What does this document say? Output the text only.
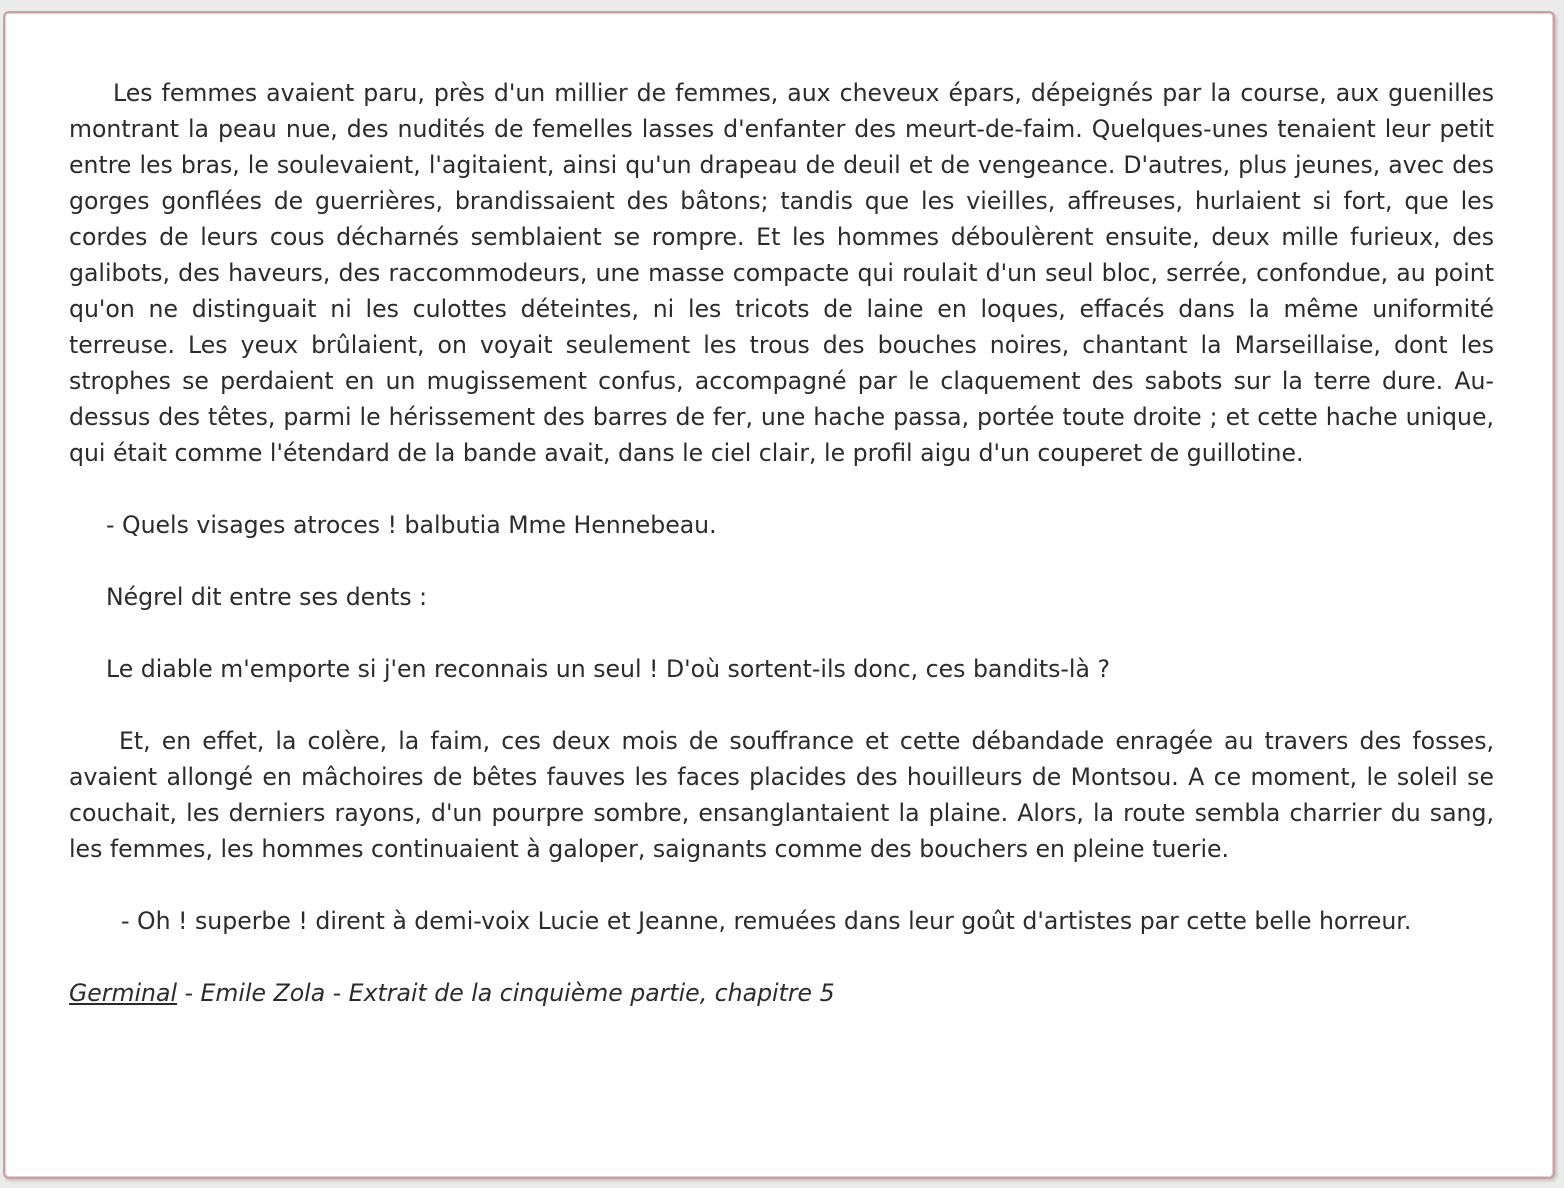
Les femmes avaient paru, près d'un millier de femmes, aux cheveux épars, dépeignés par la course, aux guenilles montrant la peau nue, des nudités de femelles lasses d'enfanter des meurt-de-faim. Quelques-unes tenaient leur petit entre les bras, le soulevaient, l'agitaient, ainsi qu'un drapeau de deuil et de vengeance. D'autres, plus jeunes, avec des gorges gonflées de guerrières, brandissaient des bâtons; tandis que les vieilles, affreuses, hurlaient si fort, que les cordes de leurs cous décharnés semblaient se rompre. Et les hommes déboulèrent ensuite, deux mille furieux, des galibots, des haveurs, des raccommodeurs, une masse compacte qui roulait d'un seul bloc, serrée, confondue, au point qu'on ne distinguait ni les culottes déteintes, ni les tricots de laine en loques, effacés dans la même uniformité terreuse. Les yeux brûlaient, on voyait seulement les trous des bouches noires, chantant la Marseillaise, dont les strophes se perdaient en un mugissement confus, accompagné par le claquement des sabots sur la terre dure. Au-dessus des têtes, parmi le hérissement des barres de fer, une hache passa, portée toute droite ; et cette hache unique, qui était comme l'étendard de la bande avait, dans le ciel clair, le profil aigu d'un couperet de guillotine.

- Quels visages atroces ! balbutia Mme Hennebeau.

Négrel dit entre ses dents :

Le diable m'emporte si j'en reconnais un seul ! D'où sortent-ils donc, ces bandits-là ?

Et, en effet, la colère, la faim, ces deux mois de souffrance et cette débandade enragée au travers des fosses, avaient allongé en mâchoires de bêtes fauves les faces placides des houilleurs de Montsou. A ce moment, le soleil se couchait, les derniers rayons, d'un pourpre sombre, ensanglantaient la plaine. Alors, la route sembla charrier du sang, les femmes, les hommes continuaient à galoper, saignants comme des bouchers en pleine tuerie.

- Oh ! superbe ! dirent à demi-voix Lucie et Jeanne, remuées dans leur goût d'artistes par cette belle horreur.

Germinal - Emile Zola - Extrait de la cinquième partie, chapitre 5
